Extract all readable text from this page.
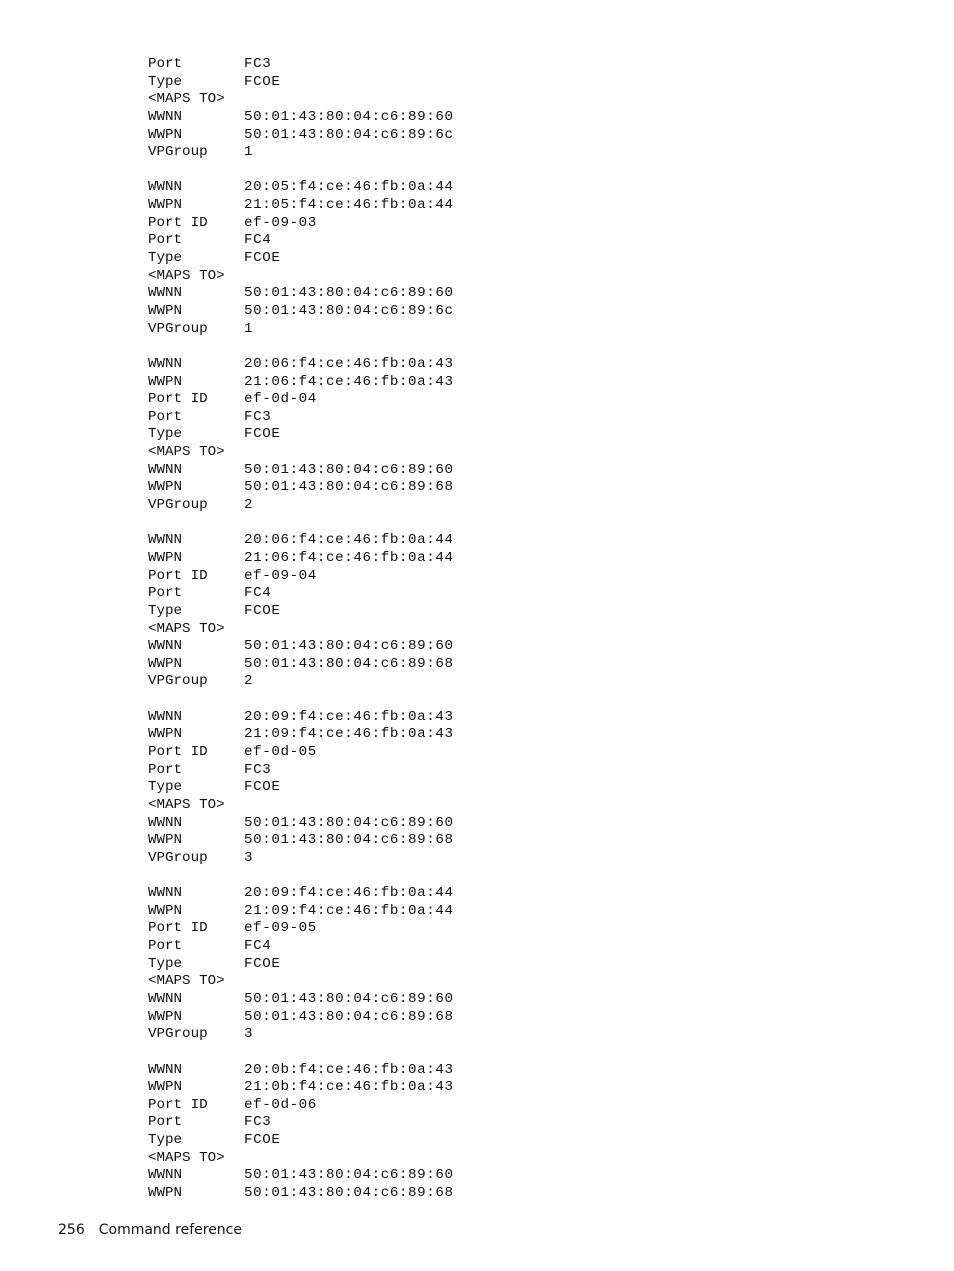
Port	FC3
Type	FCOE
<MAPS TO>
WWNN	50:01:43:80:04:c6:89:60
WWPN	50:01:43:80:04:c6:89:6c
VPGroup	1
WWNN	20:05:f4:ce:46:fb:0a:44
WWPN	21:05:f4:ce:46:fb:0a:44
Port ID	ef-09-03
Port	FC4
Type	FCOE
<MAPS TO>
WWNN	50:01:43:80:04:c6:89:60
WWPN	50:01:43:80:04:c6:89:6c
VPGroup	1
WWNN	20:06:f4:ce:46:fb:0a:43
WWPN	21:06:f4:ce:46:fb:0a:43
Port ID	ef-0d-04
Port	FC3
Type	FCOE
<MAPS TO>
WWNN	50:01:43:80:04:c6:89:60
WWPN	50:01:43:80:04:c6:89:68
VPGroup	2
WWNN	20:06:f4:ce:46:fb:0a:44
WWPN	21:06:f4:ce:46:fb:0a:44
Port ID	ef-09-04
Port	FC4
Type	FCOE
<MAPS TO>
WWNN	50:01:43:80:04:c6:89:60
WWPN	50:01:43:80:04:c6:89:68
VPGroup	2
WWNN	20:09:f4:ce:46:fb:0a:43
WWPN	21:09:f4:ce:46:fb:0a:43
Port ID	ef-0d-05
Port	FC3
Type	FCOE
<MAPS TO>
WWNN	50:01:43:80:04:c6:89:60
WWPN	50:01:43:80:04:c6:89:68
VPGroup	3
WWNN	20:09:f4:ce:46:fb:0a:44
WWPN	21:09:f4:ce:46:fb:0a:44
Port ID	ef-09-05
Port	FC4
Type	FCOE
<MAPS TO>
WWNN	50:01:43:80:04:c6:89:60
WWPN	50:01:43:80:04:c6:89:68
VPGroup	3
WWNN	20:0b:f4:ce:46:fb:0a:43
WWPN	21:0b:f4:ce:46:fb:0a:43
Port ID	ef-0d-06
Port	FC3
Type	FCOE
<MAPS TO>
WWNN	50:01:43:80:04:c6:89:60
WWPN	50:01:43:80:04:c6:89:68
256 Command reference
